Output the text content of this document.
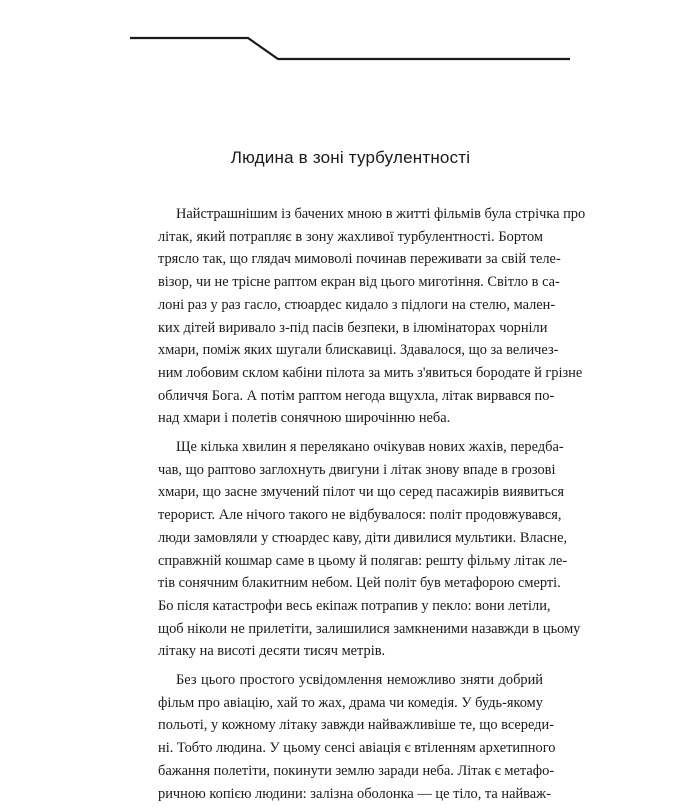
Людина в зоні турбулентності

Найстрашнішим із бачених мною в житті фільмів була стрічка про
літак, який потрапляє в зону жахливої турбулентності. Бортом
трясло так, що глядач мимоволі починав переживати за свій теле-
візор, чи не трісне раптом екран від цього миготіння. Світло в са-
лоні раз у раз гасло, стюардес кидало з підлоги на стелю, мален-
ких дітей виривало з-під пасів безпеки, в ілюмінаторах чорніли
хмари, поміж яких шугали блискавиці. Здавалося, що за величез-
ним лобовим склом кабіни пілота за мить з'явиться бородате й грізне
обличчя Бога. А потім раптом негода вщухла, літак вирвався по-
над хмари і полетів сонячною широчінню неба.

Ще кілька хвилин я перелякано очікував нових жахів, передба-
чав, що раптово заглохнуть двигуни і літак знову впаде в грозові
хмари, що засне змучений пілот чи що серед пасажирів виявиться
терорист. Але нічого такого не відбувалося: політ продовжувався,
люди замовляли у стюардес каву, діти дивилися мультики. Власне,
справжній кошмар саме в цьому й полягав: решту фільму літак ле-
тів сонячним блакитним небом. Цей політ був метафорою смерті.
Бо після катастрофи весь екіпаж потрапив у пекло: вони летіли,
щоб ніколи не прилетіти, залишилися замкненими назавжди в цьому
літаку на висоті десяти тисяч метрів.

Без цього простого усвідомлення неможливо зняти добрий
фільм про авіацію, хай то жах, драма чи комедія. У будь-якому
польоті, у кожному літаку завжди найважливіше те, що всереди-
ні. Тобто людина. У цьому сенсі авіація є втіленням архетипного
бажання полетіти, покинути землю заради неба. Літак є метафо-
ричною копією людини: залізна оболонка — це тіло, та найваж-
